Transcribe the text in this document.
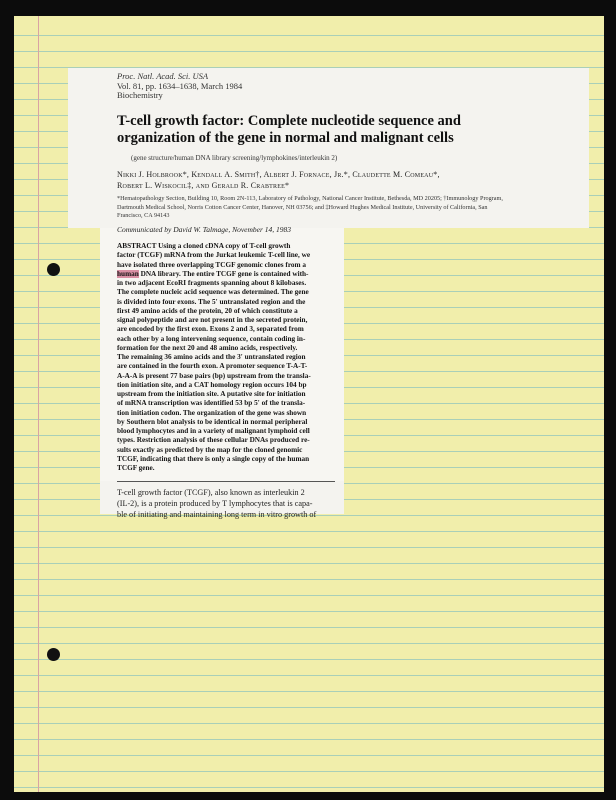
Proc. Natl. Acad. Sci. USA
Vol. 81, pp. 1634–1638, March 1984
Biochemistry
T-cell growth factor: Complete nucleotide sequence and
organization of the gene in normal and malignant cells
(gene structure/human DNA library screening/lymphokines/interleukin 2)
Nikki J. Holbrook*, Kendall A. Smith†, Albert J. Fornace, Jr.*, Claudette M. Comeau*,
Robert L. Wiskocil‡, and Gerald R. Crabtree*
*Hematopathology Section, Building 10, Room 2N-113, Laboratory of Pathology, National Cancer Institute, Bethesda, MD 20205; †Immunology Program,
Dartmouth Medical School, Norris Cotton Cancer Center, Hanover, NH 03756; and ‡Howard Hughes Medical Institute, University of California, San
Francisco, CA 94143
Communicated by David W. Talmage, November 14, 1983
ABSTRACT Using a cloned cDNA copy of T-cell growth
factor (TCGF) mRNA from the Jurkat leukemic T-cell line, we
have isolated three overlapping TCGF genomic clones from a
human DNA library. The entire TCGF gene is contained with-
in two adjacent EcoRI fragments spanning about 8 kilobases.
The complete nucleic acid sequence was determined. The gene
is divided into four exons. The 5′ untranslated region and the
first 49 amino acids of the protein, 20 of which constitute a
signal polypeptide and are not present in the secreted protein,
are encoded by the first exon. Exons 2 and 3, separated from
each other by a long intervening sequence, contain coding in-
formation for the next 20 and 48 amino acids, respectively.
The remaining 36 amino acids and the 3′ untranslated region
are contained in the fourth exon. A promoter sequence T-A-T-
A-A-A is present 77 base pairs (bp) upstream from the transla-
tion initiation site, and a CAT homology region occurs 104 bp
upstream from the initiation site. A putative site for initiation
of mRNA transcription was identified 53 bp 5′ of the transla-
tion initiation codon. The organization of the gene was shown
by Southern blot analysis to be identical in normal peripheral
blood lymphocytes and in a variety of malignant lymphoid cell
types. Restriction analysis of these cellular DNAs produced re-
sults exactly as predicted by the map for the cloned genomic
TCGF, indicating that there is only a single copy of the human
TCGF gene.
T-cell growth factor (TCGF), also known as interleukin 2
(IL-2), is a protein produced by T lymphocytes that is capa-
ble of initiating and maintaining long term in vitro growth of
